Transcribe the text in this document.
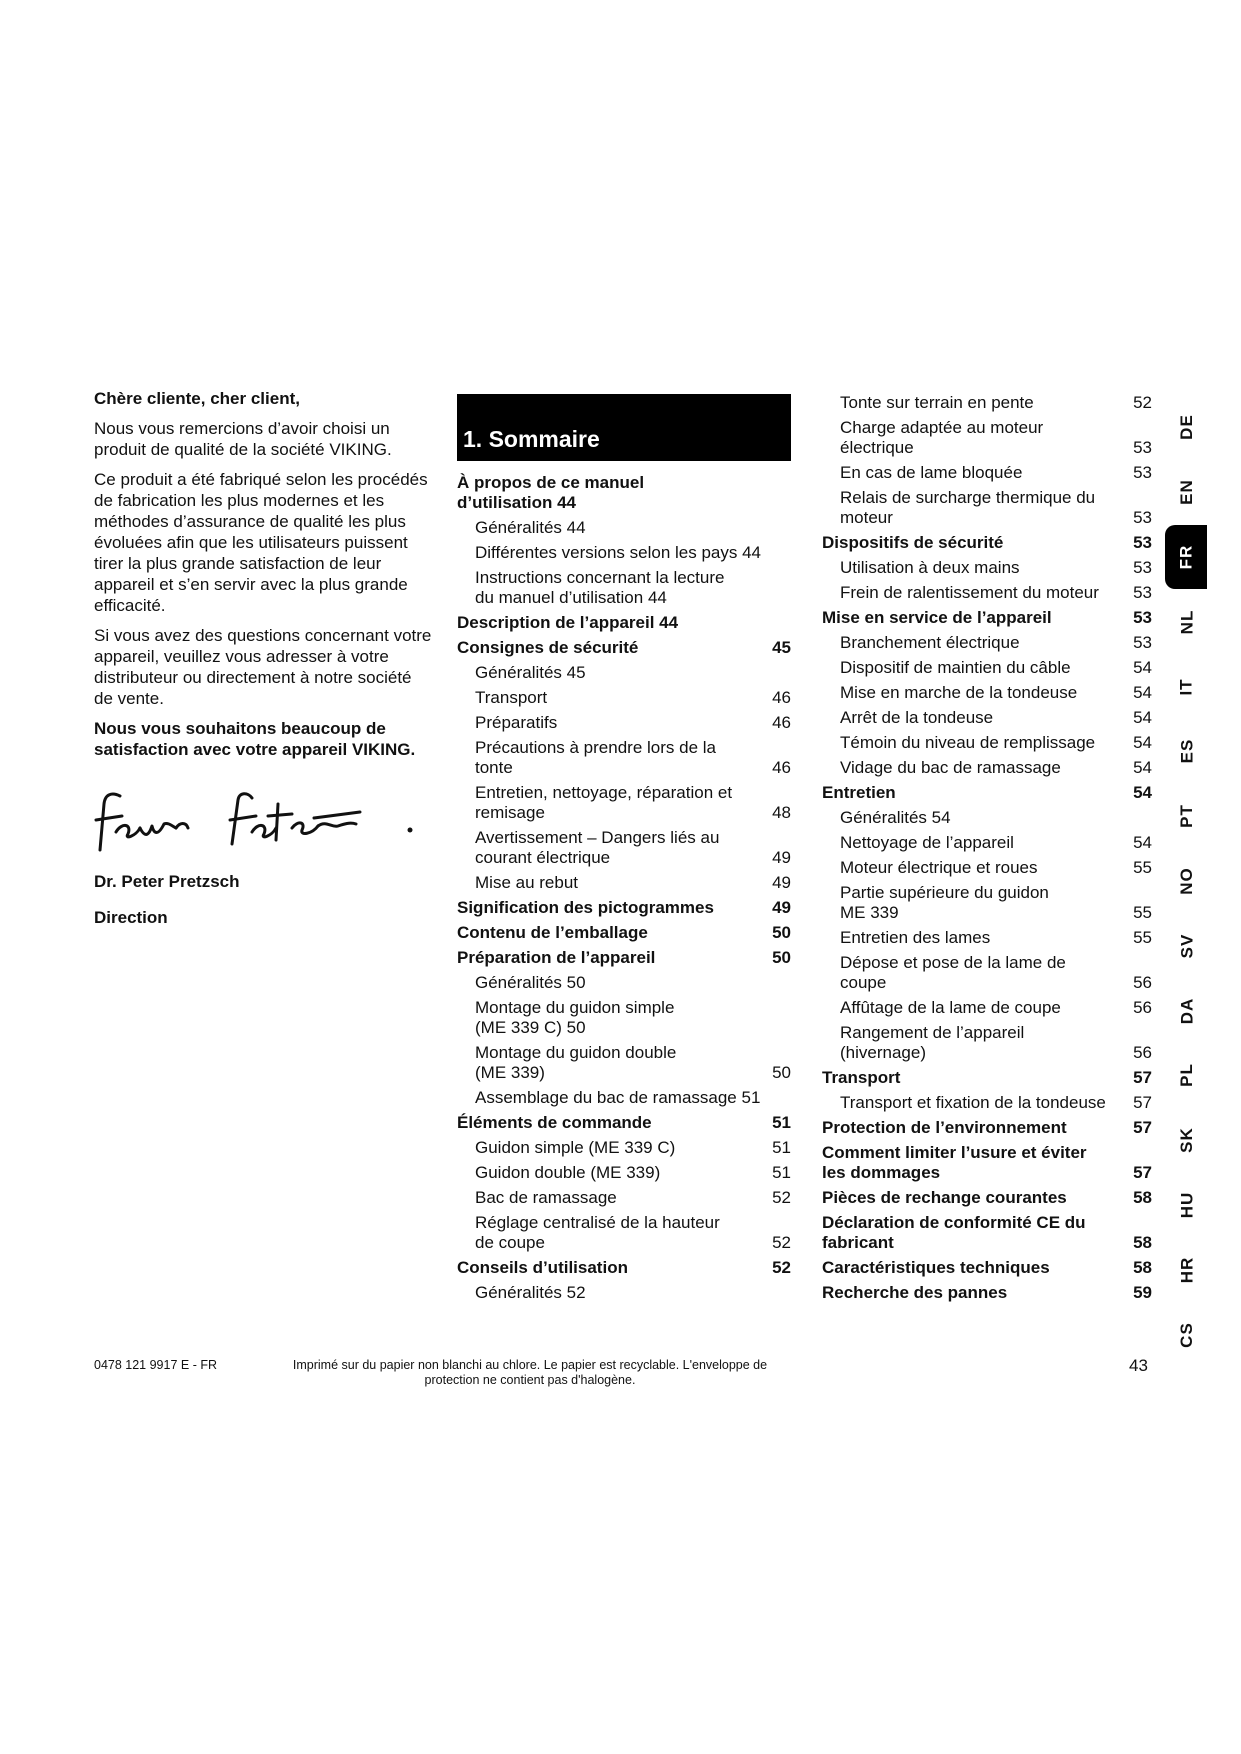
Chère cliente, cher client,

Nous vous remercions d’avoir choisi un produit de qualité de la société VIKING.

Ce produit a été fabriqué selon les procédés de fabrication les plus modernes et les méthodes d’assurance de qualité les plus évoluées afin que les utilisateurs puissent tirer la plus grande satisfaction de leur appareil et s’en servir avec la plus grande efficacité.

Si vous avez des questions concernant votre appareil, veuillez vous adresser à votre distributeur ou directement à notre société de vente.

Nous vous souhaitons beaucoup de satisfaction avec votre appareil VIKING.

Dr. Peter Pretzsch

Direction

1. Sommaire
À propos de ce manuel
d’utilisation 44
Généralités 44
Différentes versions selon les pays 44
Instructions concernant la lecture
du manuel d’utilisation 44
Description de l’appareil 44
Consignes de sécurité	45
Généralités 45
Transport	46
Préparatifs	46
Précautions à prendre lors de la
tonte	46
Entretien, nettoyage, réparation et
remisage	48
Avertissement – Dangers liés au
courant électrique	49
Mise au rebut	49
Signification des pictogrammes	49
Contenu de l’emballage	50
Préparation de l’appareil	50
Généralités 50
Montage du guidon simple
(ME 339 C) 50
Montage du guidon double
(ME 339)	50
Assemblage du bac de ramassage 51
Éléments de commande	51
Guidon simple (ME 339 C)	51
Guidon double (ME 339)	51
Bac de ramassage	52
Réglage centralisé de la hauteur
de coupe	52
Conseils d’utilisation	52
Généralités 52
Tonte sur terrain en pente	52
Charge adaptée au moteur
électrique	53
En cas de lame bloquée	53
Relais de surcharge thermique du
moteur	53
Dispositifs de sécurité	53
Utilisation à deux mains	53
Frein de ralentissement du moteur	53
Mise en service de l’appareil	53
Branchement électrique	53
Dispositif de maintien du câble	54
Mise en marche de la tondeuse	54
Arrêt de la tondeuse	54
Témoin du niveau de remplissage	54
Vidage du bac de ramassage	54
Entretien	54
Généralités 54
Nettoyage de l’appareil	54
Moteur électrique et roues	55
Partie supérieure du guidon
ME 339	55
Entretien des lames	55
Dépose et pose de la lame de
coupe	56
Affûtage de la lame de coupe	56
Rangement de l’appareil
(hivernage)	56
Transport	57
Transport et fixation de la tondeuse	57
Protection de l’environnement	57
Comment limiter l’usure et éviter
les dommages	57
Pièces de rechange courantes	58
Déclaration de conformité CE du
fabricant	58
Caractéristiques techniques	58
Recherche des pannes	59
DE
EN
FR
NL
IT
ES
PT
NO
SV
DA
PL
SK
HU
HR
CS
0478 121 9917 E - FR	Imprimé sur du papier non blanchi au chlore. Le papier est recyclable. L'enveloppe de protection ne contient pas d'halogène.
43
